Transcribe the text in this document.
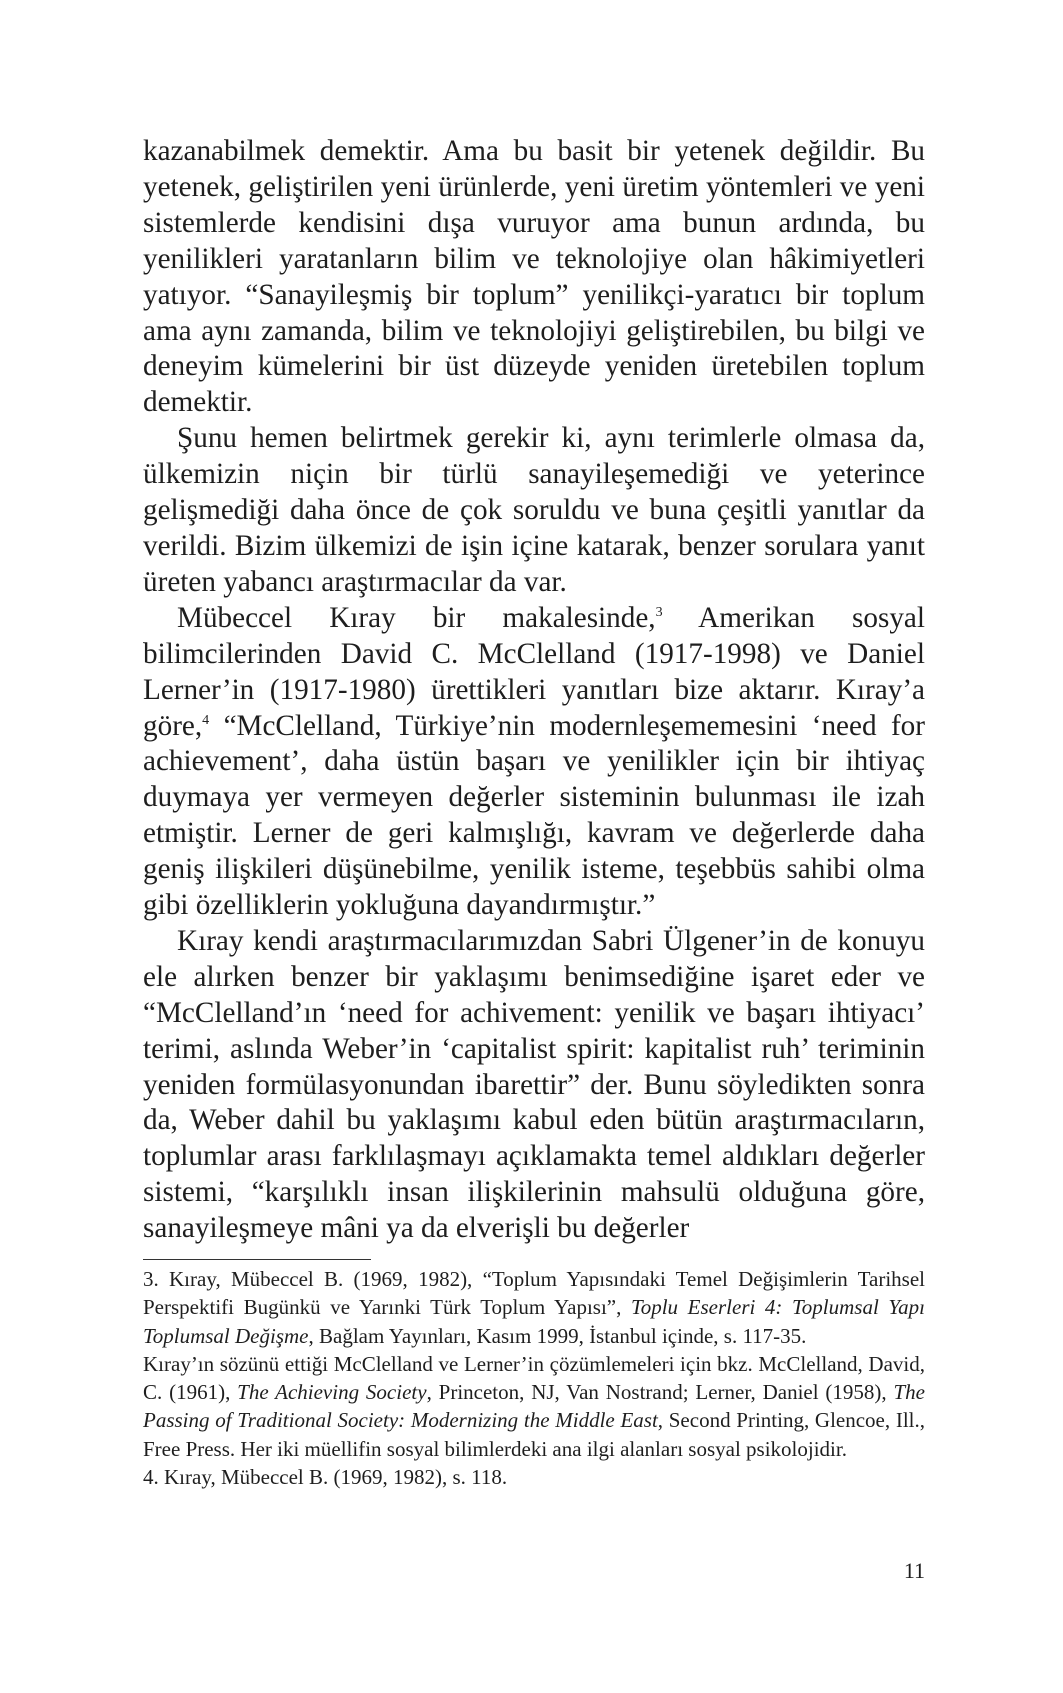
kazanabilmek demektir. Ama bu basit bir yetenek değildir. Bu yetenek, geliştirilen yeni ürünlerde, yeni üretim yöntemleri ve yeni sistemlerde kendisini dışa vuruyor ama bunun ardında, bu yenilikleri yaratanların bilim ve teknolojiye olan hâkimiyetleri yatıyor. “Sanayileşmiş bir toplum” yenilikçi-yaratıcı bir toplum ama aynı zamanda, bilim ve teknolojiyi geliştirebilen, bu bilgi ve deneyim kümelerini bir üst düzeyde yeniden üretebilen toplum demektir.

Şunu hemen belirtmek gerekir ki, aynı terimlerle olmasa da, ülkemizin niçin bir türlü sanayileşemediği ve yeterince gelişmediği daha önce de çok soruldu ve buna çeşitli yanıtlar da verildi. Bizim ülkemizi de işin içine katarak, benzer sorulara yanıt üreten yabancı araştırmacılar da var.

Mübeccel Kıray bir makalesinde,$^3$ Amerikan sosyal bilimcilerinden David C. McClelland (1917-1998) ve Daniel Lerner’in (1917-1980) ürettikleri yanıtları bize aktarır. Kıray’a göre,$^4$ “McClelland, Türkiye’nin modernleşememesini ‘need for achievement’, daha üstün başarı ve yenilikler için bir ihtiyaç duymaya yer vermeyen değerler sisteminin bulunması ile izah etmiştir. Lerner de geri kalmışlığı, kavram ve değerlerde daha geniş ilişkileri düşünebilme, yenilik isteme, teşebbüs sahibi olma gibi özelliklerin yokluğuna dayandırmıştır.”

Kıray kendi araştırmacılarımızdan Sabri Ülgener’in de konuyu ele alırken benzer bir yaklaşımı benimsediğine işaret eder ve “McClelland’ın ‘need for achivement: yenilik ve başarı ihtiyacı’ terimi, aslında Weber’in ‘capitalist spirit: kapitalist ruh’ teriminin yeniden formülasyonundan ibarettir” der. Bunu söyledikten sonra da, Weber dahil bu yaklaşımı kabul eden bütün araştırmacıların, toplumlar arası farklılaşmayı açıklamakta temel aldıkları değerler sistemi, “karşılıklı insan ilişkilerinin mahsulü olduğuna göre, sanayileşmeye mâni ya da elverişli bu değerler

3. Kıray, Mübeccel B. (1969, 1982), “Toplum Yapısındaki Temel Değişimlerin Tarihsel Perspektifi Bugünkü ve Yarınki Türk Toplum Yapısı”, Toplu Eserleri 4: Toplumsal Yapı Toplumsal Değişme, Bağlam Yayınları, Kasım 1999, İstanbul içinde, s. 117-35.

Kıray’ın sözünü ettiği McClelland ve Lerner’in çözümlemeleri için bkz. McClelland, David, C. (1961), The Achieving Society, Princeton, NJ, Van Nostrand; Lerner, Daniel (1958), The Passing of Traditional Society: Modernizing the Middle East, Second Printing, Glencoe, Ill., Free Press. Her iki müellifin sosyal bilimlerdeki ana ilgi alanları sosyal psikolojidir.

4. Kıray, Mübeccel B. (1969, 1982), s. 118.

11
